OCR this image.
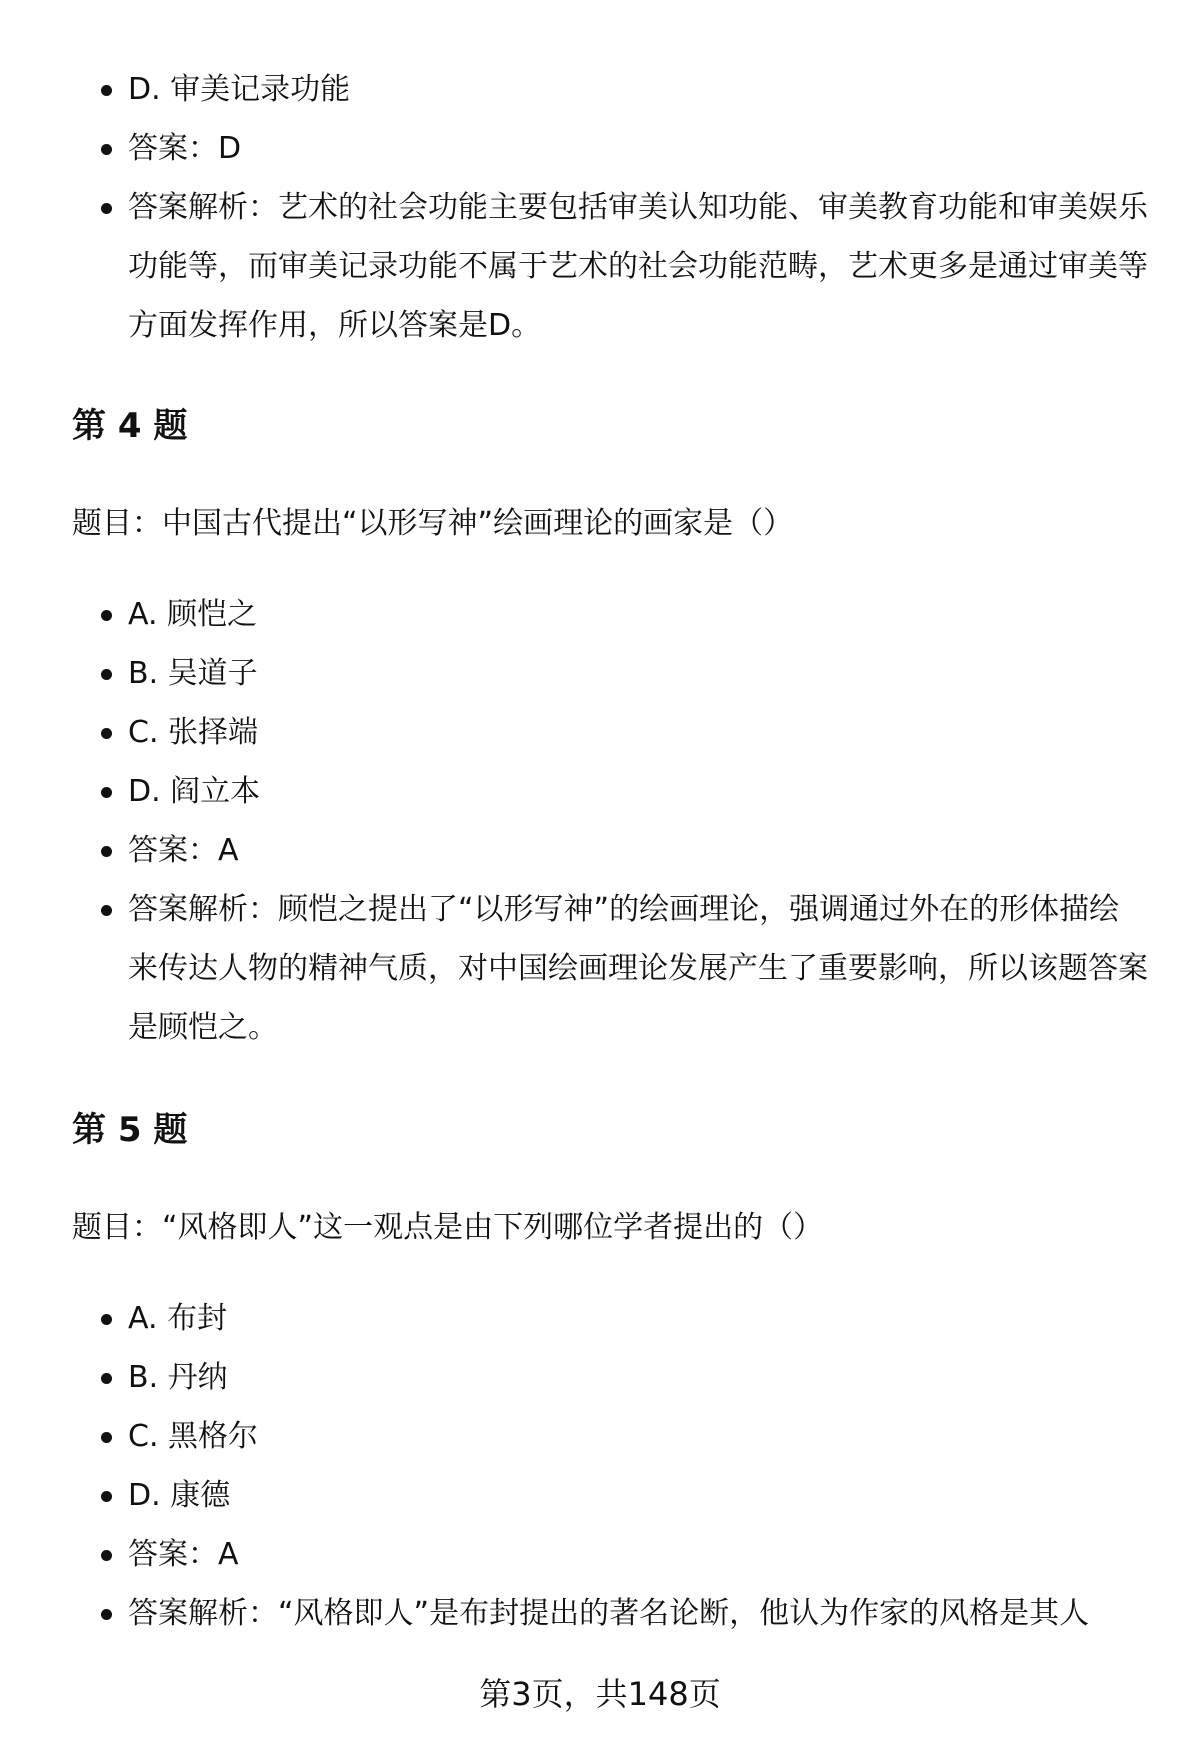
D. 审美记录功能
答案：D
答案解析：艺术的社会功能主要包括审美认知功能、审美教育功能和审美娱乐功能等，而审美记录功能不属于艺术的社会功能范畴，艺术更多是通过审美等方面发挥作用，所以答案是D。
第 4 题

题目：中国古代提出“以形写神”绘画理论的画家是（）

A. 顾恺之
B. 吴道子
C. 张择端
D. 阎立本
答案：A
答案解析：顾恺之提出了“以形写神”的绘画理论，强调通过外在的形体描绘来传达人物的精神气质，对中国绘画理论发展产生了重要影响，所以该题答案是顾恺之。
第 5 题

题目：“风格即人”这一观点是由下列哪位学者提出的（）

A. 布封
B. 丹纳
C. 黑格尔
D. 康德
答案：A
答案解析：“风格即人”是布封提出的著名论断，他认为作家的风格是其人
第3页，共148页
